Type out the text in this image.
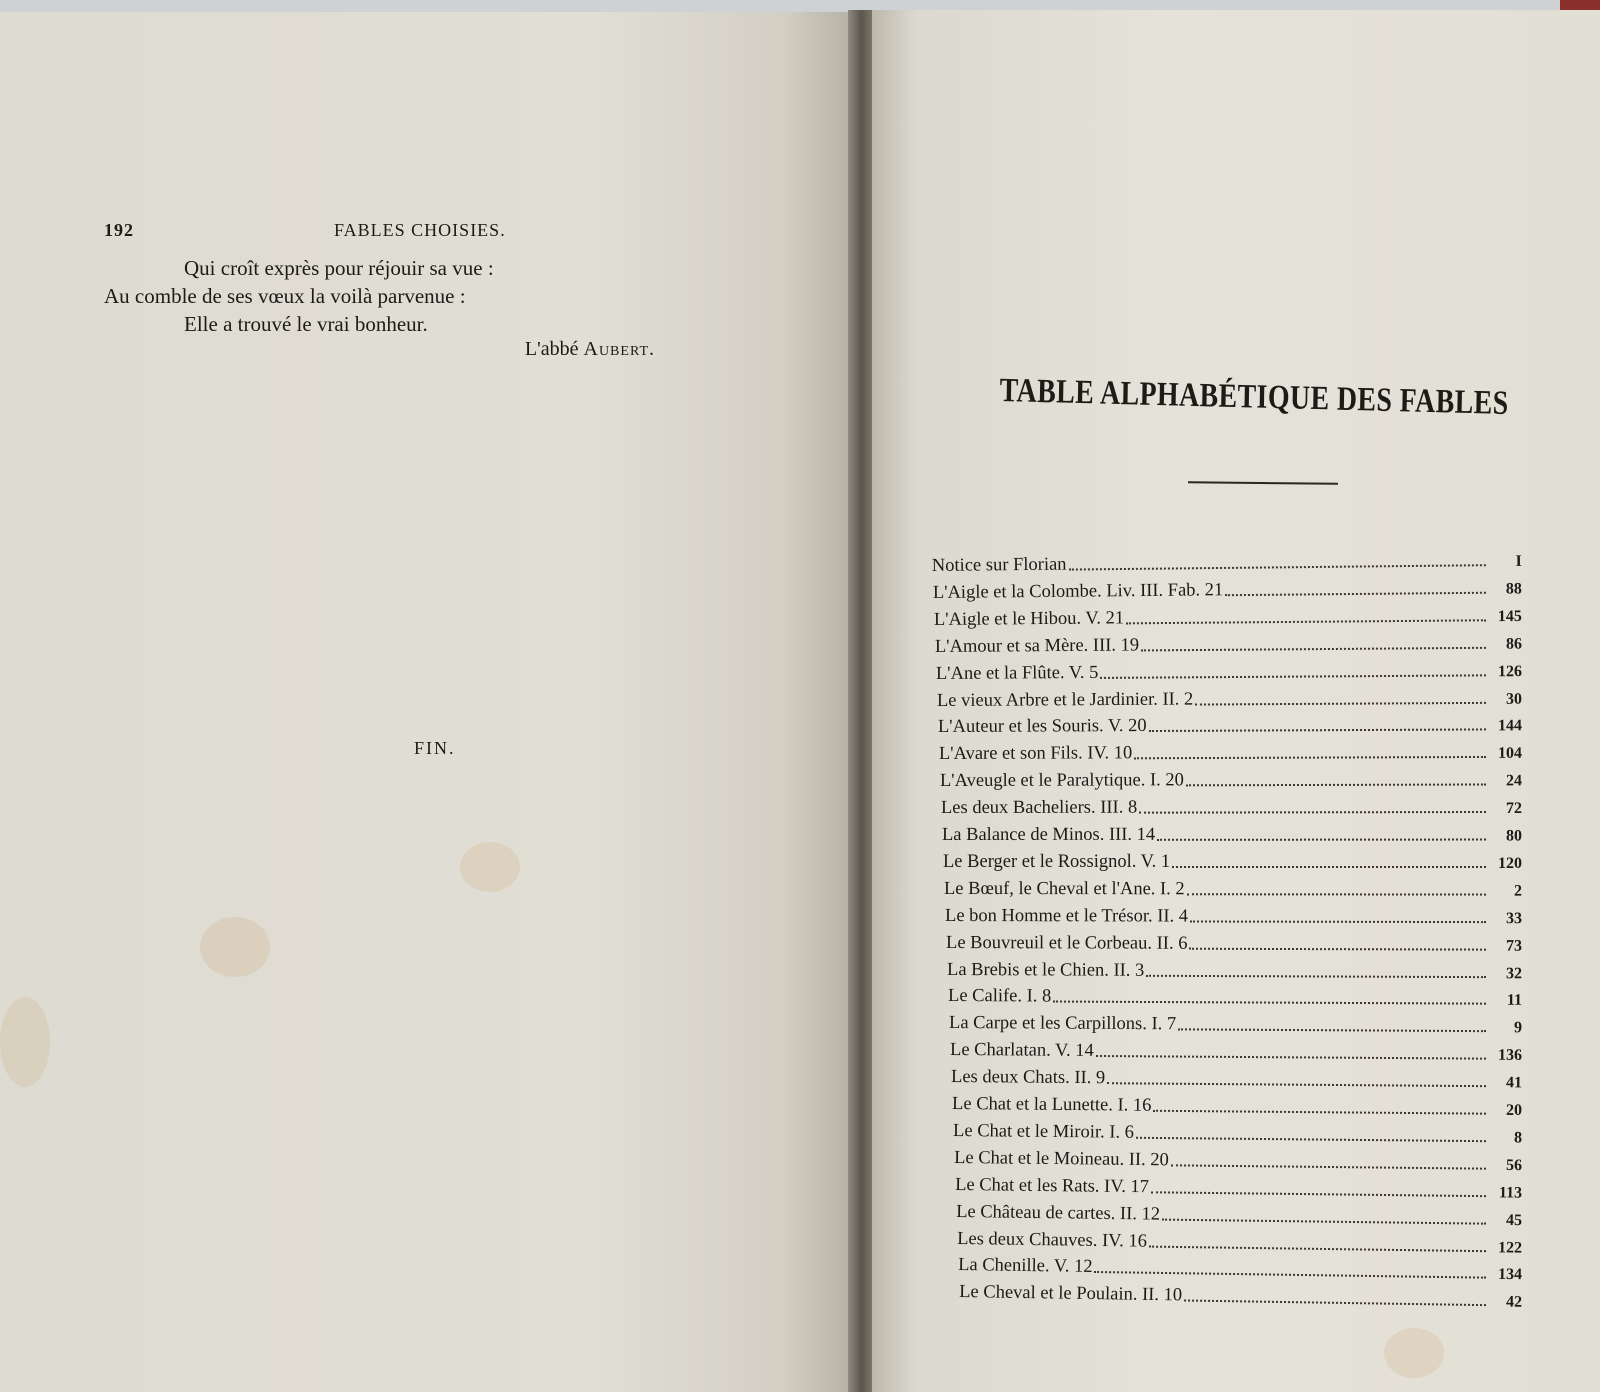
192	FABLES CHOISIES.
Qui croît exprès pour réjouir sa vue :
Au comble de ses vœux la voilà parvenue :
Elle a trouvé le vrai bonheur.
L'abbé Aubert.
FIN.
TABLE ALPHABÉTIQUE DES FABLES
Notice sur Florian	I
L'Aigle et la Colombe. Liv. III. Fab. 21	88
L'Aigle et le Hibou. V. 21	145
L'Amour et sa Mère. III. 19	86
L'Ane et la Flûte. V. 5	126
Le vieux Arbre et le Jardinier. II. 2	30
L'Auteur et les Souris. V. 20	144
L'Avare et son Fils. IV. 10	104
L'Aveugle et le Paralytique. I. 20	24
Les deux Bacheliers. III. 8	72
La Balance de Minos. III. 14	80
Le Berger et le Rossignol. V. 1	120
Le Bœuf, le Cheval et l'Ane. I. 2	2
Le bon Homme et le Trésor. II. 4	33
Le Bouvreuil et le Corbeau. II. 6	73
La Brebis et le Chien. II. 3	32
Le Calife. I. 8	11
La Carpe et les Carpillons. I. 7	9
Le Charlatan. V. 14	136
Les deux Chats. II. 9	41
Le Chat et la Lunette. I. 16	20
Le Chat et le Miroir. I. 6	8
Le Chat et le Moineau. II. 20	56
Le Chat et les Rats. IV. 17	113
Le Château de cartes. II. 12	45
Les deux Chauves. IV. 16	122
La Chenille. V. 12	134
Le Cheval et le Poulain. II. 10	42
